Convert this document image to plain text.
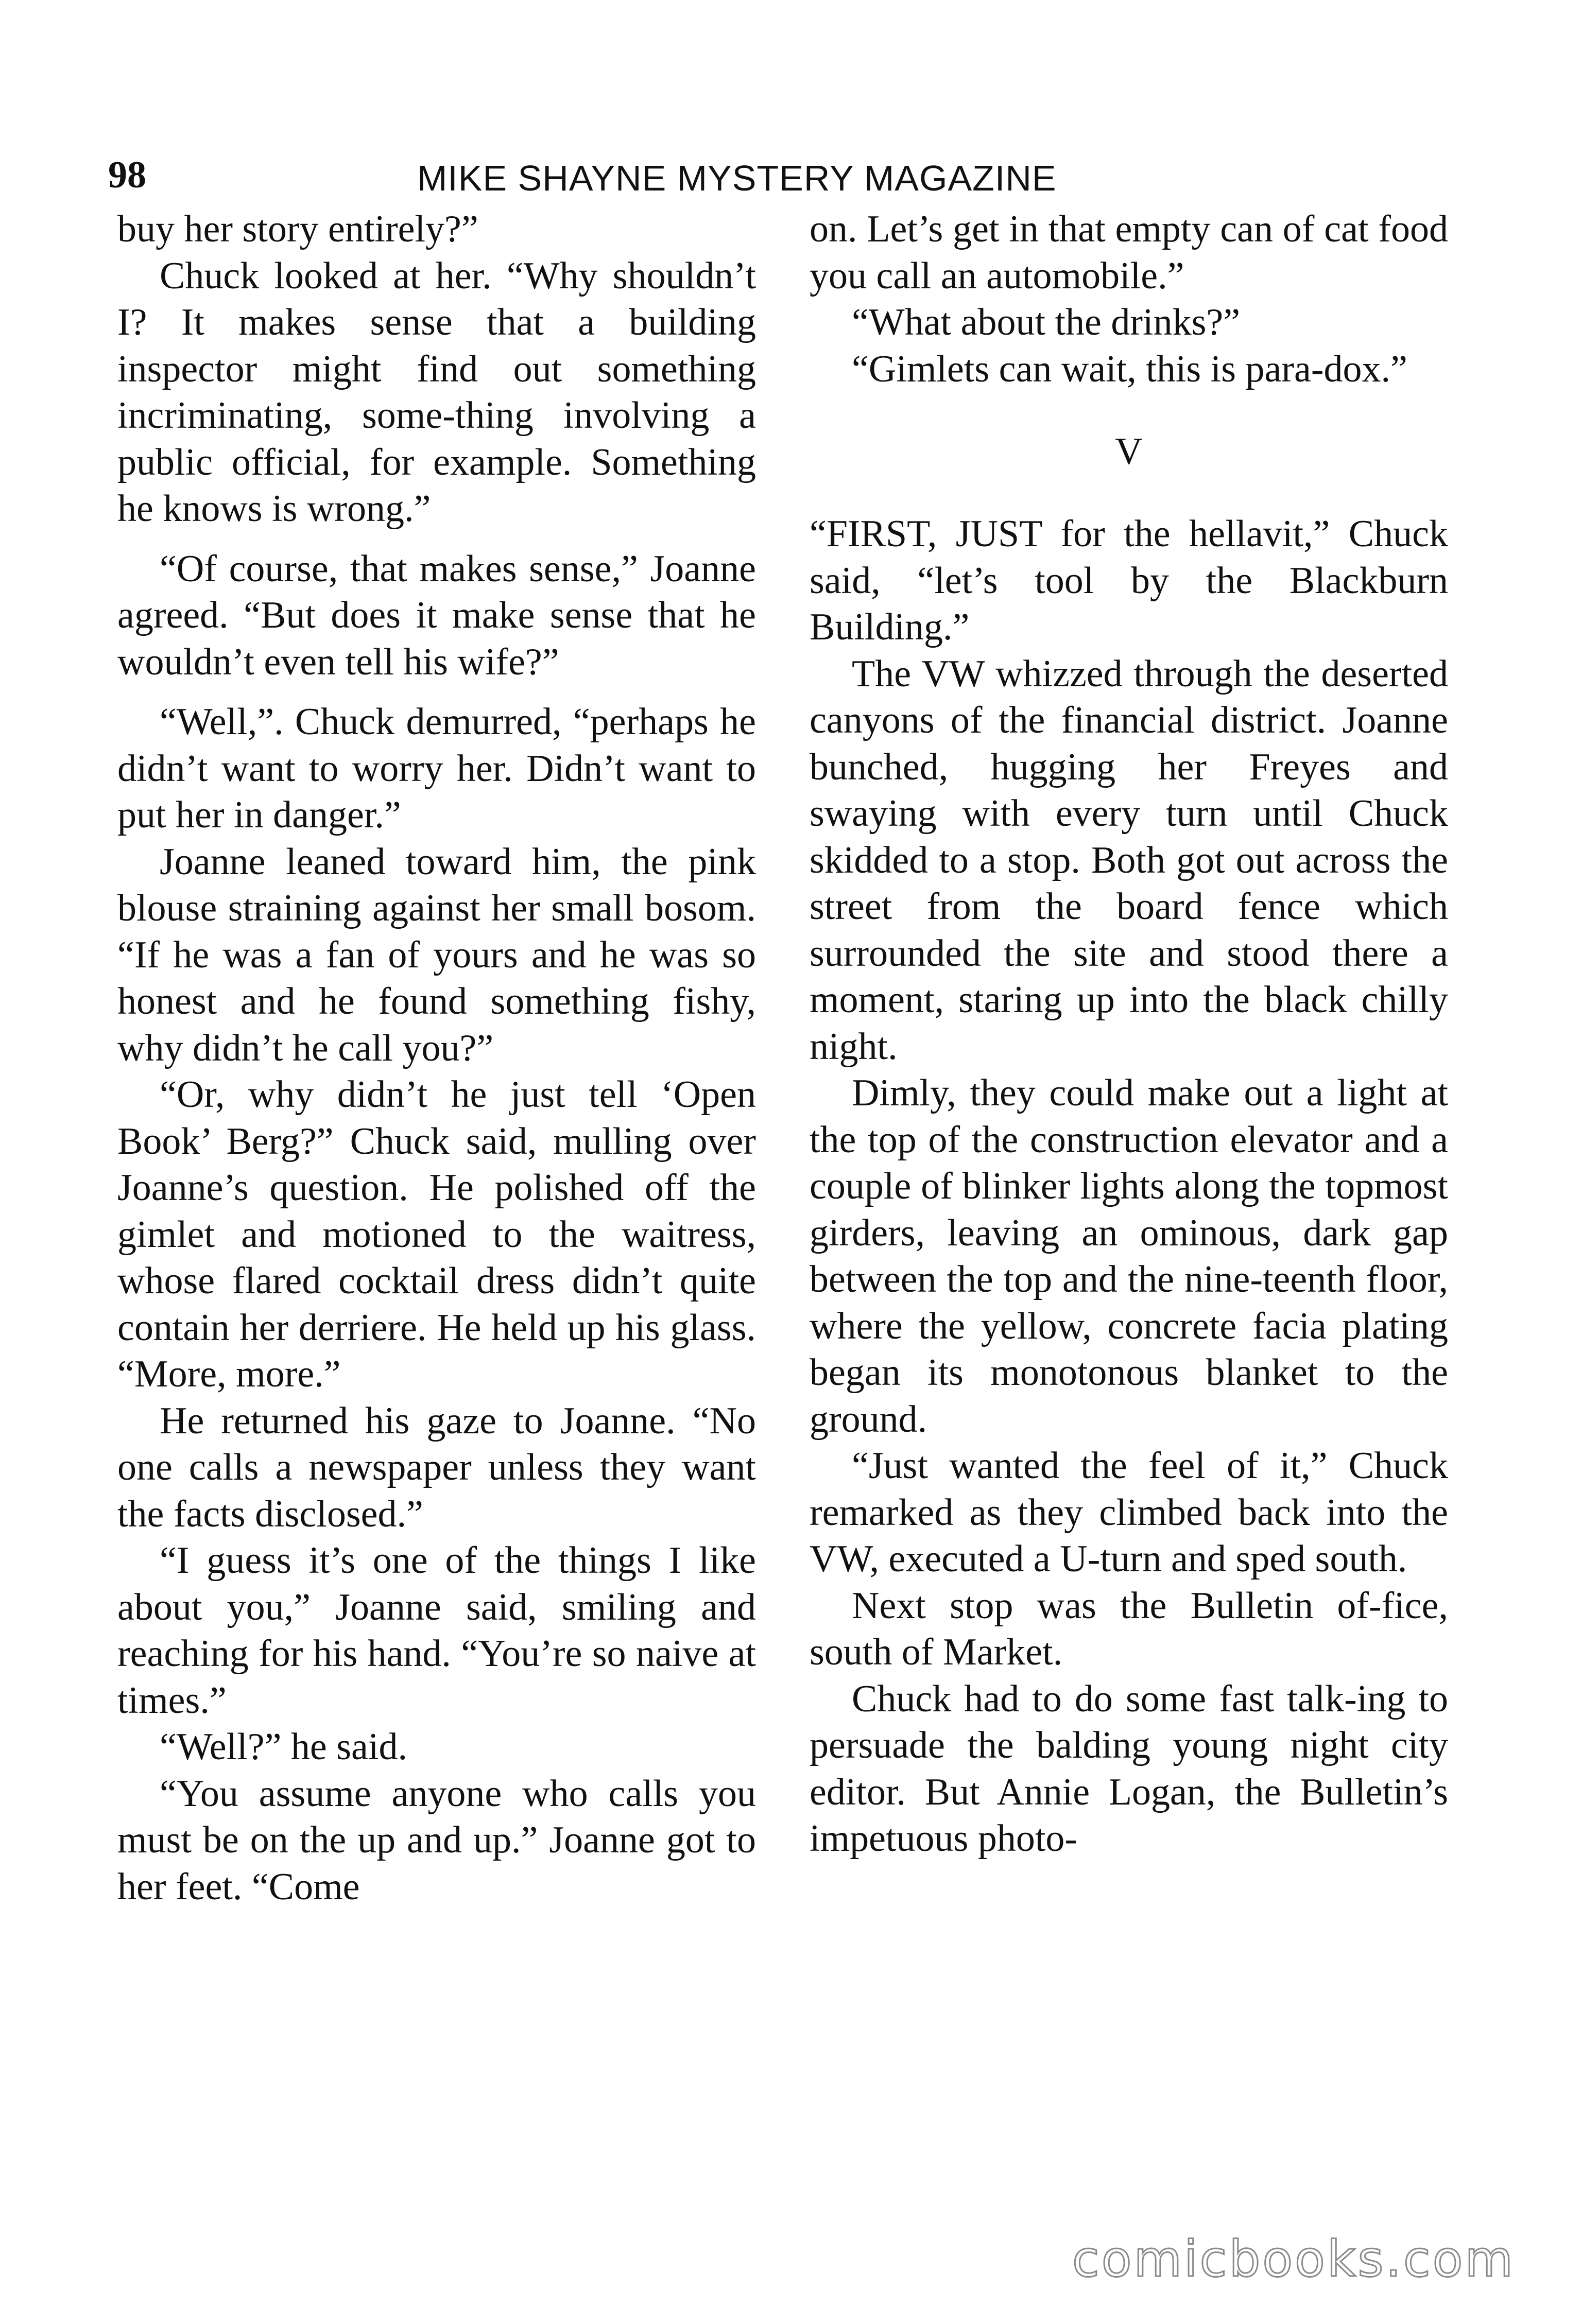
98	MIKE SHAYNE MYSTERY MAGAZINE

buy her story entirely?”

Chuck looked at her. “Why shouldn’t I? It makes sense that a building inspector might find out something incriminating, some-thing involving a public official, for example. Something he knows is wrong.”

“Of course, that makes sense,” Joanne agreed. “But does it make sense that he wouldn’t even tell his wife?”

“Well,”. Chuck demurred, “perhaps he didn’t want to worry her. Didn’t want to put her in danger.”

Joanne leaned toward him, the pink blouse straining against her small bosom. “If he was a fan of yours and he was so honest and he found something fishy, why didn’t he call you?”

“Or, why didn’t he just tell ‘Open Book’ Berg?” Chuck said, mulling over Joanne’s question. He polished off the gimlet and motioned to the waitress, whose flared cocktail dress didn’t quite contain her derriere. He held up his glass. “More, more.”

He returned his gaze to Joanne. “No one calls a newspaper unless they want the facts disclosed.”

“I guess it’s one of the things I like about you,” Joanne said, smiling and reaching for his hand. “You’re so naive at times.”

“Well?” he said.

“You assume anyone who calls you must be on the up and up.” Joanne got to her feet. “Come

on. Let’s get in that empty can of cat food you call an automobile.”

“What about the drinks?”

“Gimlets can wait, this is para-dox.”

V

“FIRST, JUST for the hellavit,” Chuck said, “let’s tool by the Blackburn Building.”

The VW whizzed through the deserted canyons of the financial district. Joanne bunched, hugging her Freyes and swaying with every turn until Chuck skidded to a stop. Both got out across the street from the board fence which surrounded the site and stood there a moment, staring up into the black chilly night.

Dimly, they could make out a light at the top of the construction elevator and a couple of blinker lights along the topmost girders, leaving an ominous, dark gap between the top and the nine-teenth floor, where the yellow, concrete facia plating began its monotonous blanket to the ground.

“Just wanted the feel of it,” Chuck remarked as they climbed back into the VW, executed a U-turn and sped south.

Next stop was the Bulletin of-fice, south of Market.

Chuck had to do some fast talk-ing to persuade the balding young night city editor. But Annie Logan, the Bulletin’s impetuous photo-

comicbooks.com
